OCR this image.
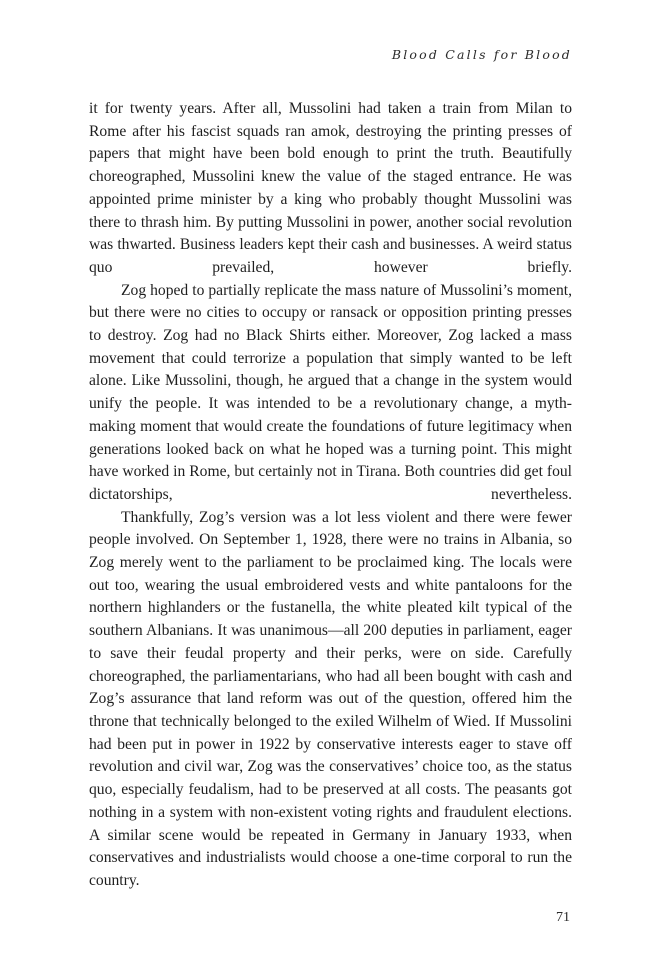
Blood Calls for Blood

it for twenty years. After all, Mussolini had taken a train from Milan to Rome after his fascist squads ran amok, destroying the printing presses of papers that might have been bold enough to print the truth. Beautifully choreographed, Mussolini knew the value of the staged entrance. He was appointed prime minister by a king who probably thought Mussolini was there to thrash him. By putting Mussolini in power, another social revolution was thwarted. Business leaders kept their cash and businesses. A weird status quo prevailed, however briefly.

Zog hoped to partially replicate the mass nature of Mussolini’s moment, but there were no cities to occupy or ransack or opposition printing presses to destroy. Zog had no Black Shirts either. Moreover, Zog lacked a mass movement that could terrorize a population that simply wanted to be left alone. Like Mussolini, though, he argued that a change in the system would unify the people. It was intended to be a revolutionary change, a myth-making moment that would create the foundations of future legitimacy when generations looked back on what he hoped was a turning point. This might have worked in Rome, but certainly not in Tirana. Both countries did get foul dictatorships, nevertheless.

Thankfully, Zog’s version was a lot less violent and there were fewer people involved. On September 1, 1928, there were no trains in Albania, so Zog merely went to the parliament to be proclaimed king. The locals were out too, wearing the usual embroidered vests and white pantaloons for the northern highlanders or the fustanella, the white pleated kilt typical of the southern Albanians. It was unanimous—all 200 deputies in parliament, eager to save their feudal property and their perks, were on side. Carefully choreographed, the parliamentarians, who had all been bought with cash and Zog’s assurance that land reform was out of the question, offered him the throne that technically belonged to the exiled Wilhelm of Wied. If Mussolini had been put in power in 1922 by conservative interests eager to stave off revolution and civil war, Zog was the conservatives’ choice too, as the status quo, especially feudalism, had to be preserved at all costs. The peasants got nothing in a system with non-existent voting rights and fraudulent elections. A similar scene would be repeated in Germany in January 1933, when conservatives and industrialists would choose a one-time corporal to run the country.

71
